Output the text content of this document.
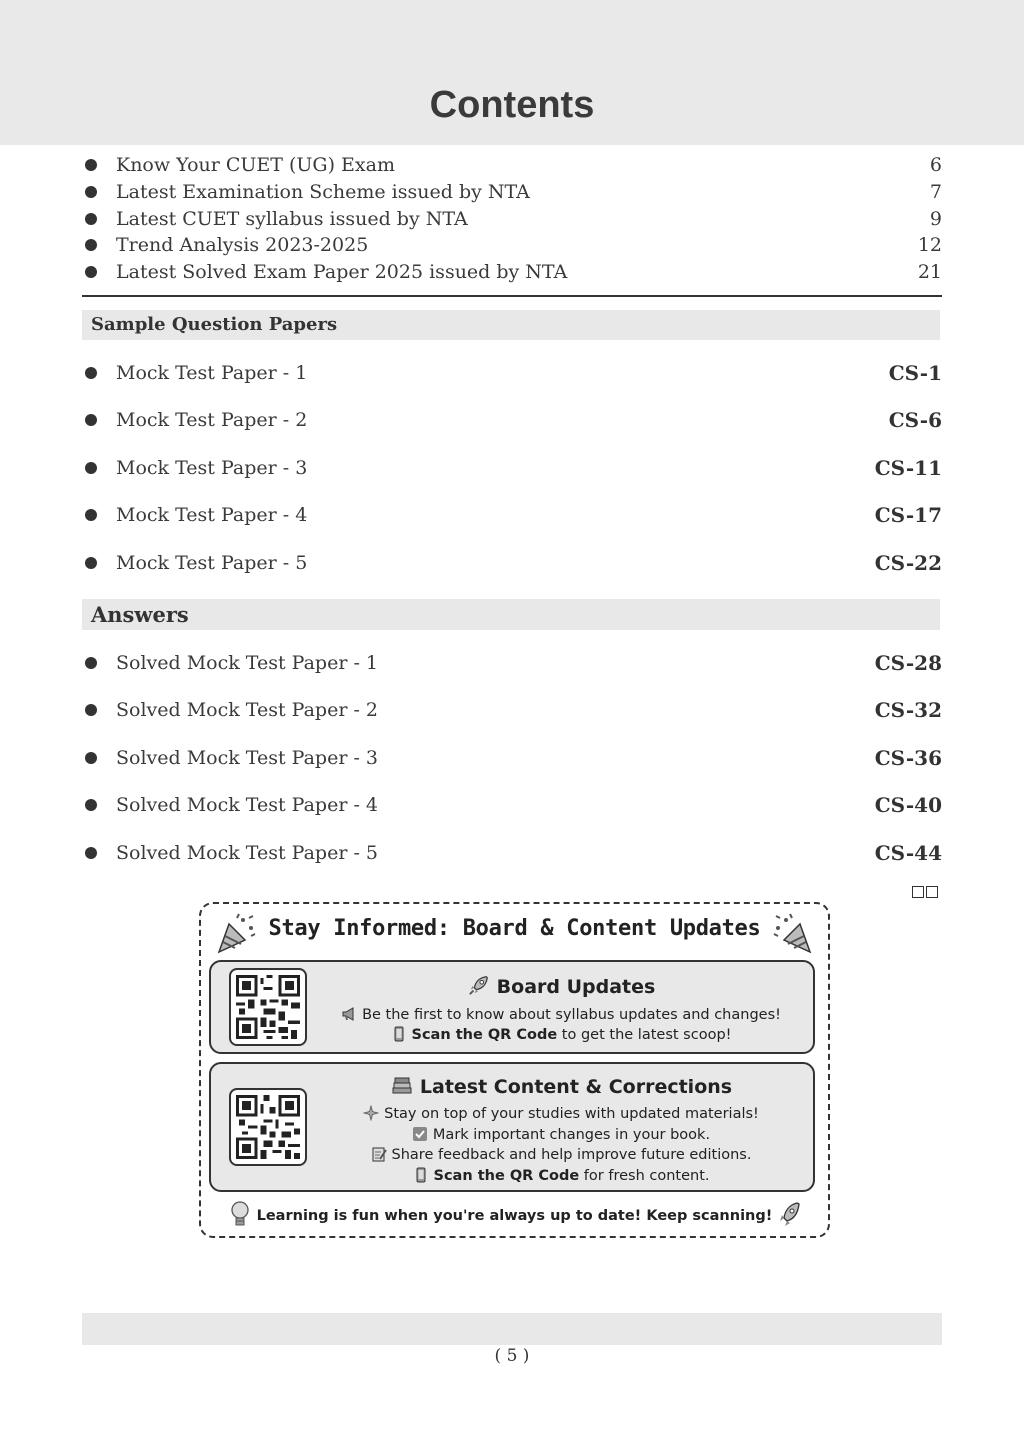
Contents
Know Your CUET (UG) Exam	6
Latest Examination Scheme issued by NTA	7
Latest CUET syllabus issued by NTA	9
Trend Analysis 2023-2025	12
Latest Solved Exam Paper 2025 issued by NTA	21
Sample Question Papers
Mock Test Paper - 1	CS-1
Mock Test Paper - 2	CS-6
Mock Test Paper - 3	CS-11
Mock Test Paper - 4	CS-17
Mock Test Paper - 5	CS-22
Answers
Solved Mock Test Paper - 1	CS-28
Solved Mock Test Paper - 2	CS-32
Solved Mock Test Paper - 3	CS-36
Solved Mock Test Paper - 4	CS-40
Solved Mock Test Paper - 5	CS-44
Stay Informed: Board & Content Updates
Board Updates
Be the first to know about syllabus updates and changes!
Scan the QR Code to get the latest scoop!
Latest Content & Corrections
Stay on top of your studies with updated materials!
Mark important changes in your book.
Share feedback and help improve future editions.
Scan the QR Code for fresh content.
Learning is fun when you're always up to date! Keep scanning!
( 5 )
